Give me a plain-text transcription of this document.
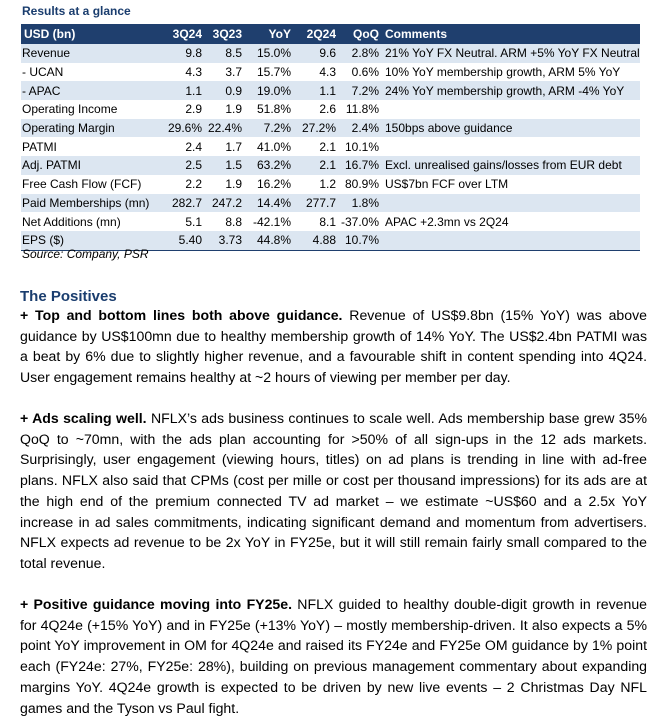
Results at a glance
USD (bn)	3Q24	3Q23	YoY	2Q24	QoQ	Comments
Revenue	9.8	8.5	15.0%	9.6	2.8%	21% YoY FX Neutral. ARM +5% YoY FX Neutral
- UCAN	4.3	3.7	15.7%	4.3	0.6%	10% YoY membership growth, ARM 5% YoY
- APAC	1.1	0.9	19.0%	1.1	7.2%	24% YoY membership growth, ARM -4% YoY
Operating Income	2.9	1.9	51.8%	2.6	11.8%	
Operating Margin	29.6%	22.4%	7.2%	27.2%	2.4%	150bps above guidance
PATMI	2.4	1.7	41.0%	2.1	10.1%	
Adj. PATMI	2.5	1.5	63.2%	2.1	16.7%	Excl. unrealised gains/losses from EUR debt
Free Cash Flow (FCF)	2.2	1.9	16.2%	1.2	80.9%	US$7bn FCF over LTM
Paid Memberships (mn)	282.7	247.2	14.4%	277.7	1.8%	
Net Additions (mn)	5.1	8.8	-42.1%	8.1	-37.0%	APAC +2.3mn vs 2Q24
EPS ($)	5.40	3.73	44.8%	4.88	10.7%	
Source: Company, PSR
The Positives
+ Top and bottom lines both above guidance. Revenue of US$9.8bn (15% YoY) was above guidance by US$100mn due to healthy membership growth of 14% YoY. The US$2.4bn PATMI was a beat by 6% due to slightly higher revenue, and a favourable shift in content spending into 4Q24. User engagement remains healthy at ~2 hours of viewing per member per day.
+ Ads scaling well. NFLX’s ads business continues to scale well. Ads membership base grew 35% QoQ to ~70mn, with the ads plan accounting for >50% of all sign-ups in the 12 ads markets. Surprisingly, user engagement (viewing hours, titles) on ad plans is trending in line with ad-free plans. NFLX also said that CPMs (cost per mille or cost per thousand impressions) for its ads are at the high end of the premium connected TV ad market – we estimate ~US$60 and a 2.5x YoY increase in ad sales commitments, indicating significant demand and momentum from advertisers. NFLX expects ad revenue to be 2x YoY in FY25e, but it will still remain fairly small compared to the total revenue.
+ Positive guidance moving into FY25e. NFLX guided to healthy double-digit growth in revenue for 4Q24e (+15% YoY) and in FY25e (+13% YoY) – mostly membership-driven. It also expects a 5% point YoY improvement in OM for 4Q24e and raised its FY24e and FY25e OM guidance by 1% point each (FY24e: 27%, FY25e: 28%), building on previous management commentary about expanding margins YoY. 4Q24e growth is expected to be driven by new live events – 2 Christmas Day NFL games and the Tyson vs Paul fight.
